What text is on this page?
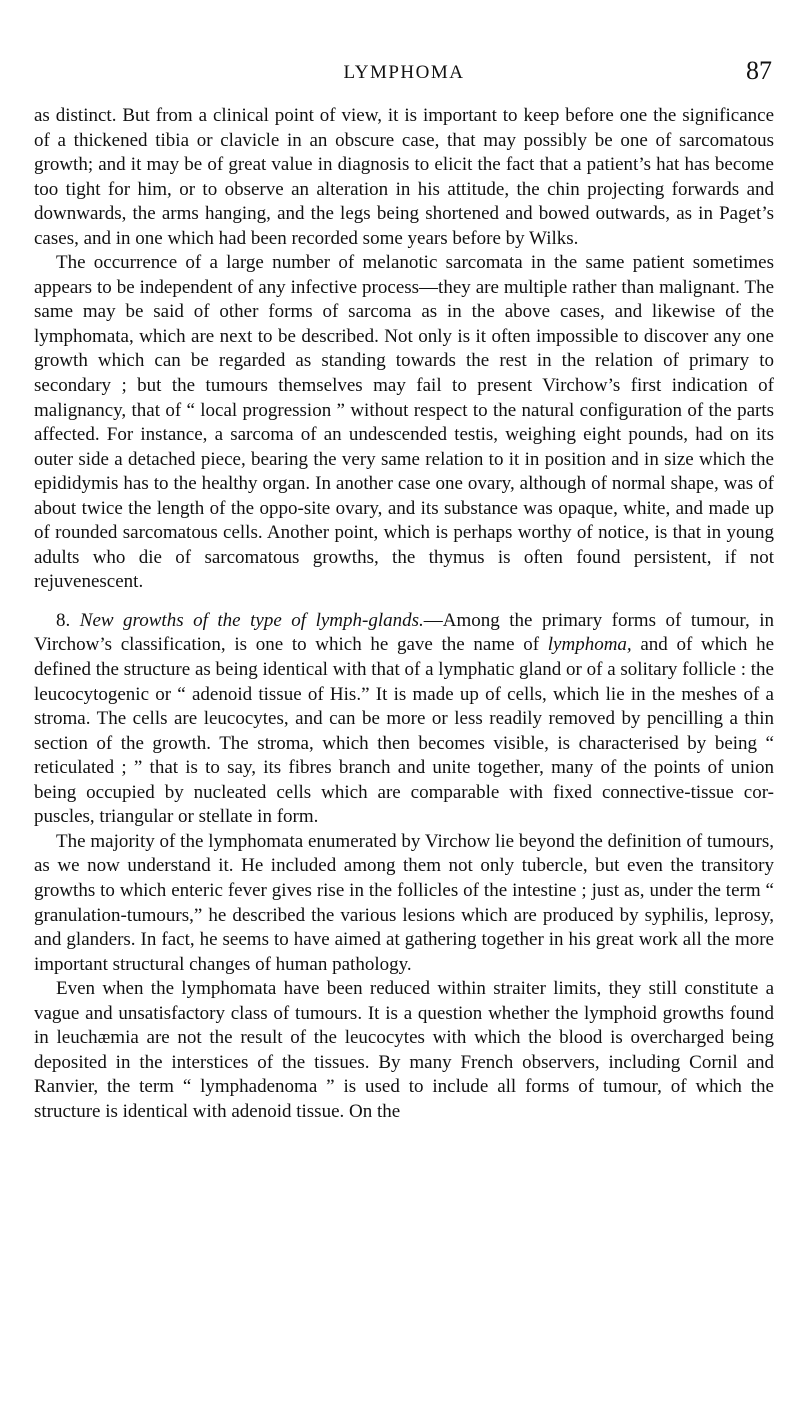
LYMPHOMA	87

as distinct. But from a clinical point of view, it is important to keep before one the significance of a thickened tibia or clavicle in an obscure case, that may possibly be one of sarcomatous growth; and it may be of great value in diagnosis to elicit the fact that a patient’s hat has become too tight for him, or to observe an alteration in his attitude, the chin projecting forwards and downwards, the arms hanging, and the legs being shortened and bowed outwards, as in Paget’s cases, and in one which had been recorded some years before by Wilks.

The occurrence of a large number of melanotic sarcomata in the same patient sometimes appears to be independent of any infective process—they are multiple rather than malignant. The same may be said of other forms of sarcoma as in the above cases, and likewise of the lymphomata, which are next to be described. Not only is it often impossible to discover any one growth which can be regarded as standing towards the rest in the relation of primary to secondary ; but the tumours themselves may fail to present Virchow’s first indication of malignancy, that of “ local progression ” without respect to the natural configuration of the parts affected. For instance, a sarcoma of an undescended testis, weighing eight pounds, had on its outer side a detached piece, bearing the very same relation to it in position and in size which the epididymis has to the healthy organ. In another case one ovary, although of normal shape, was of about twice the length of the oppo-site ovary, and its substance was opaque, white, and made up of rounded sarcomatous cells. Another point, which is perhaps worthy of notice, is that in young adults who die of sarcomatous growths, the thymus is often found persistent, if not rejuvenescent.

8. New growths of the type of lymph-glands.—Among the primary forms of tumour, in Virchow’s classification, is one to which he gave the name of lymphoma, and of which he defined the structure as being identical with that of a lymphatic gland or of a solitary follicle : the leucocytogenic or “ adenoid tissue of His.” It is made up of cells, which lie in the meshes of a stroma. The cells are leucocytes, and can be more or less readily removed by pencilling a thin section of the growth. The stroma, which then becomes visible, is characterised by being “ reticulated ; ” that is to say, its fibres branch and unite together, many of the points of union being occupied by nucleated cells which are comparable with fixed connective-tissue cor-puscles, triangular or stellate in form.

The majority of the lymphomata enumerated by Virchow lie beyond the definition of tumours, as we now understand it. He included among them not only tubercle, but even the transitory growths to which enteric fever gives rise in the follicles of the intestine ; just as, under the term “ granulation-tumours,” he described the various lesions which are produced by syphilis, leprosy, and glanders. In fact, he seems to have aimed at gathering together in his great work all the more important structural changes of human pathology.

Even when the lymphomata have been reduced within straiter limits, they still constitute a vague and unsatisfactory class of tumours. It is a question whether the lymphoid growths found in leuchæmia are not the result of the leucocytes with which the blood is overcharged being deposited in the interstices of the tissues. By many French observers, including Cornil and Ranvier, the term “ lymphadenoma ” is used to include all forms of tumour, of which the structure is identical with adenoid tissue. On the
